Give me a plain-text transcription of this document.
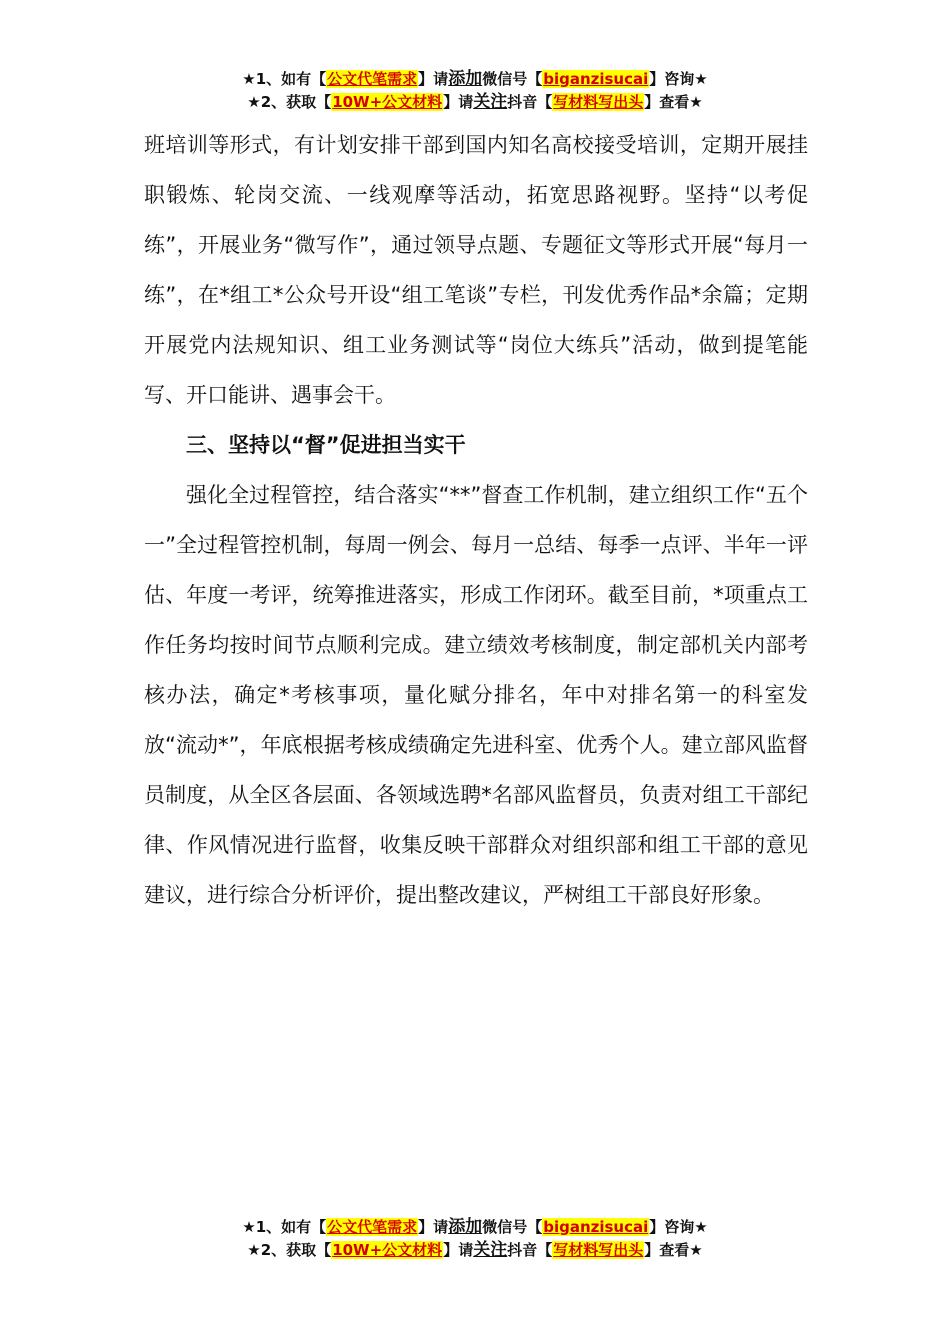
★1、如有【公文代笔需求】请添加微信号【biganzisucai】咨询★
★2、获取【10W+公文材料】请关注抖音【写材料写出头】查看★

班培训等形式，有计划安排干部到国内知名高校接受培训，定期开展挂职锻炼、轮岗交流、一线观摩等活动，拓宽思路视野。坚持“以考促练”，开展业务“微写作”，通过领导点题、专题征文等形式开展“每月一练”，在*组工*公众号开设“组工笔谈”专栏，刊发优秀作品*余篇；定期开展党内法规知识、组工业务测试等“岗位大练兵”活动，做到提笔能写、开口能讲、遇事会干。

三、坚持以“督”促进担当实干

强化全过程管控，结合落实“**”督查工作机制，建立组织工作“五个一”全过程管控机制，每周一例会、每月一总结、每季一点评、半年一评估、年度一考评，统筹推进落实，形成工作闭环。截至目前，*项重点工作任务均按时间节点顺利完成。建立绩效考核制度，制定部机关内部考核办法，确定*考核事项，量化赋分排名，年中对排名第一的科室发放“流动*”，年底根据考核成绩确定先进科室、优秀个人。建立部风监督员制度，从全区各层面、各领域选聘*名部风监督员，负责对组工干部纪律、作风情况进行监督，收集反映干部群众对组织部和组工干部的意见建议，进行综合分析评价，提出整改建议，严树组工干部良好形象。

★1、如有【公文代笔需求】请添加微信号【biganzisucai】咨询★
★2、获取【10W+公文材料】请关注抖音【写材料写出头】查看★
